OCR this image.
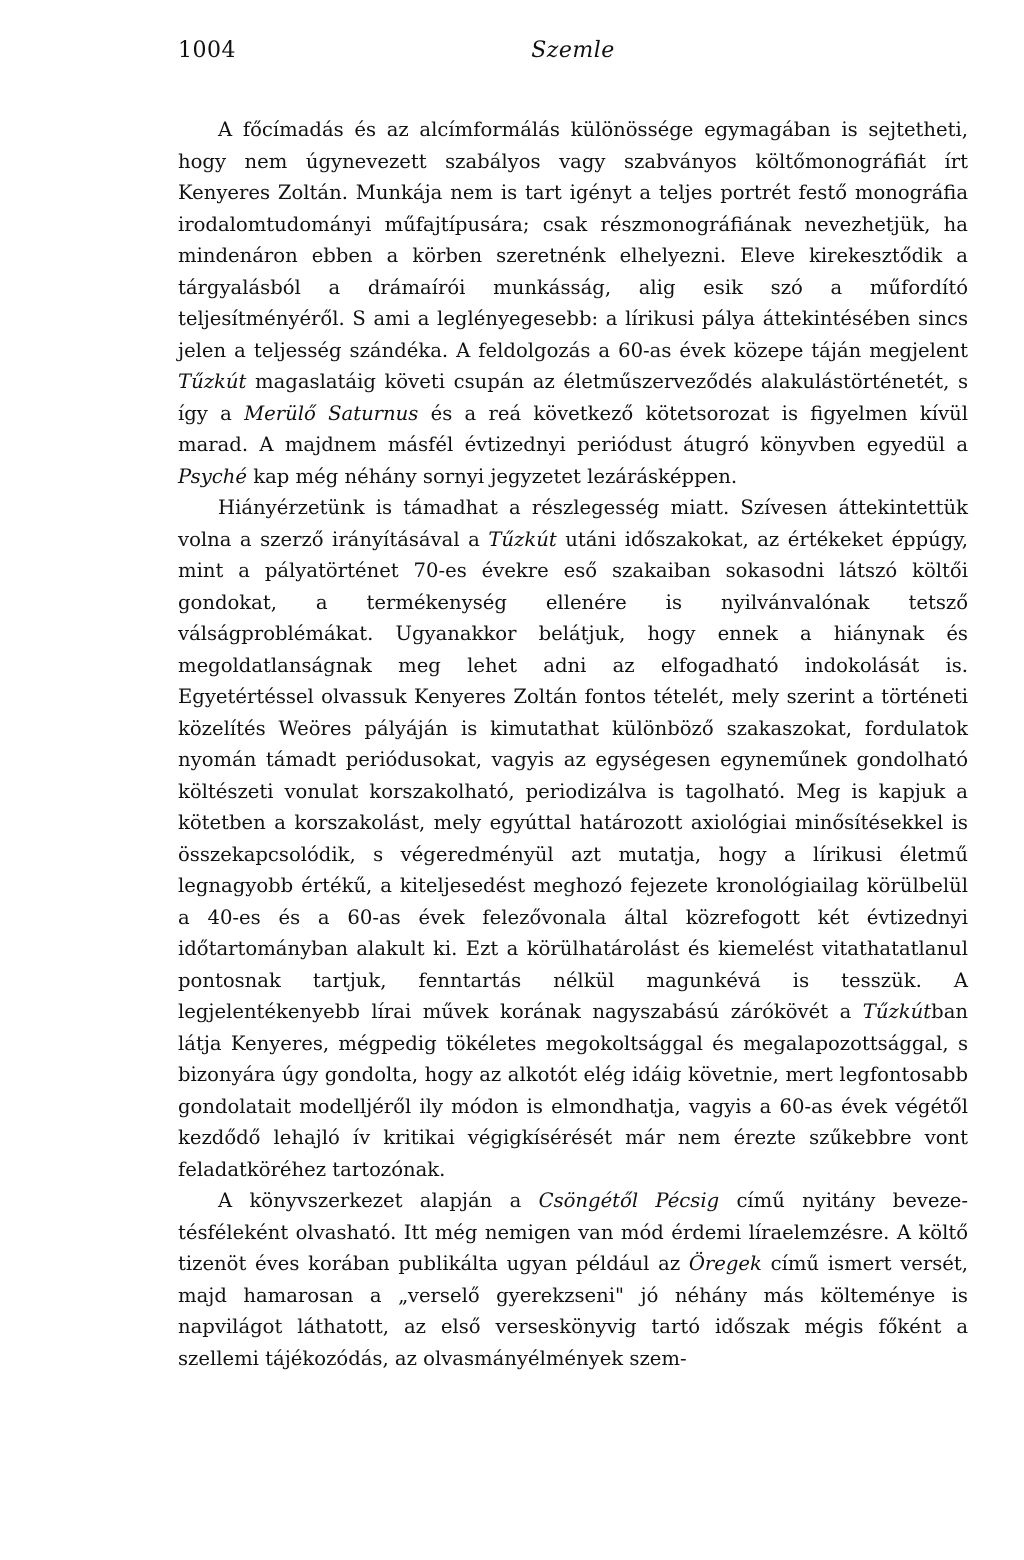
1004	Szemle

A főcímadás és az alcímformálás különössége egymagában is sejtetheti, hogy nem úgynevezett szabályos vagy szabványos költőmonográfiát írt Kenyeres Zoltán. Munkája nem is tart igényt a teljes portrét festő monográfia irodalomtudományi műfajtípusára; csak részmonográfiának nevezhetjük, ha mindenáron ebben a körben szeretnénk elhelyezni. Eleve kirekesztődik a tárgyalásból a drámaírói munkásság, alig esik szó a műfordító teljesítményéről. S ami a leglényegesebb: a lírikusi pálya áttekintésében sincs jelen a teljesség szándéka. A feldolgozás a 60-as évek közepe táján megjelent Tűzkút magaslatáig követi csupán az életműszerveződés alakulástörténetét, s így a Merülő Saturnus és a reá következő kötetsorozat is figyelmen kívül marad. A majdnem másfél évtizednyi periódust átugró könyvben egyedül a Psyché kap még néhány sornyi jegyzetet lezárásképpen.

Hiányérzetünk is támadhat a részlegesség miatt. Szívesen áttekintettük volna a szerző irányításával a Tűzkút utáni időszakokat, az értékeket éppúgy, mint a pályatörténet 70-es évekre eső szakaiban sokasodni látszó költői gondokat, a termékenység ellenére is nyilvánvalónak tetsző válságproblémákat. Ugyanakkor belátjuk, hogy ennek a hiánynak és megoldatlanságnak meg lehet adni az elfogadható indokolását is. Egyetértéssel olvassuk Kenyeres Zoltán fontos tételét, mely szerint a történeti közelítés Weöres pályáján is kimutathat különböző szakaszokat, fordulatok nyomán támadt periódusokat, vagyis az egységesen egyneműnek gondolható költészeti vonulat korszakolható, periodizálva is tagolható. Meg is kapjuk a kötetben a korszakolást, mely egyúttal határozott axiológiai minősítésekkel is összekapcsolódik, s végeredményül azt mutatja, hogy a lírikusi életmű legnagyobb értékű, a kiteljesedést meghozó fejezete kronológiailag körülbelül a 40-es és a 60-as évek felezővonala által közrefogott két évtizednyi időtartományban alakult ki. Ezt a körülhatárolást és kiemelést vitathatatlanul pontosnak tartjuk, fenntartás nélkül magunkévá is tesszük. A legjelentékenyebb lírai művek korának nagyszabású zárókövét a Tűzkútban látja Kenyeres, mégpedig tökéletes megokoltsággal és megalapozottsággal, s bizonyára úgy gondolta, hogy az alkotót elég idáig követnie, mert legfontosabb gondolatait modelljéről ily módon is elmondhatja, vagyis a 60-as évek végétől kezdődő lehajló ív kritikai végigkísérését már nem érezte szűkebbre vont feladatköréhez tartozónak.

A könyvszerkezet alapján a Csöngétől Pécsig című nyitány bevezetésféleként olvasható. Itt még nemigen van mód érdemi líraelemzésre. A költő tizenöt éves korában publikálta ugyan például az Öregek című ismert versét, majd hamarosan a „verselő gyerekzseni" jó néhány más költeménye is napvilágot láthatott, az első verseskönyvig tartó időszak mégis főként a szellemi tájékozódás, az olvasmányélmények szem-
